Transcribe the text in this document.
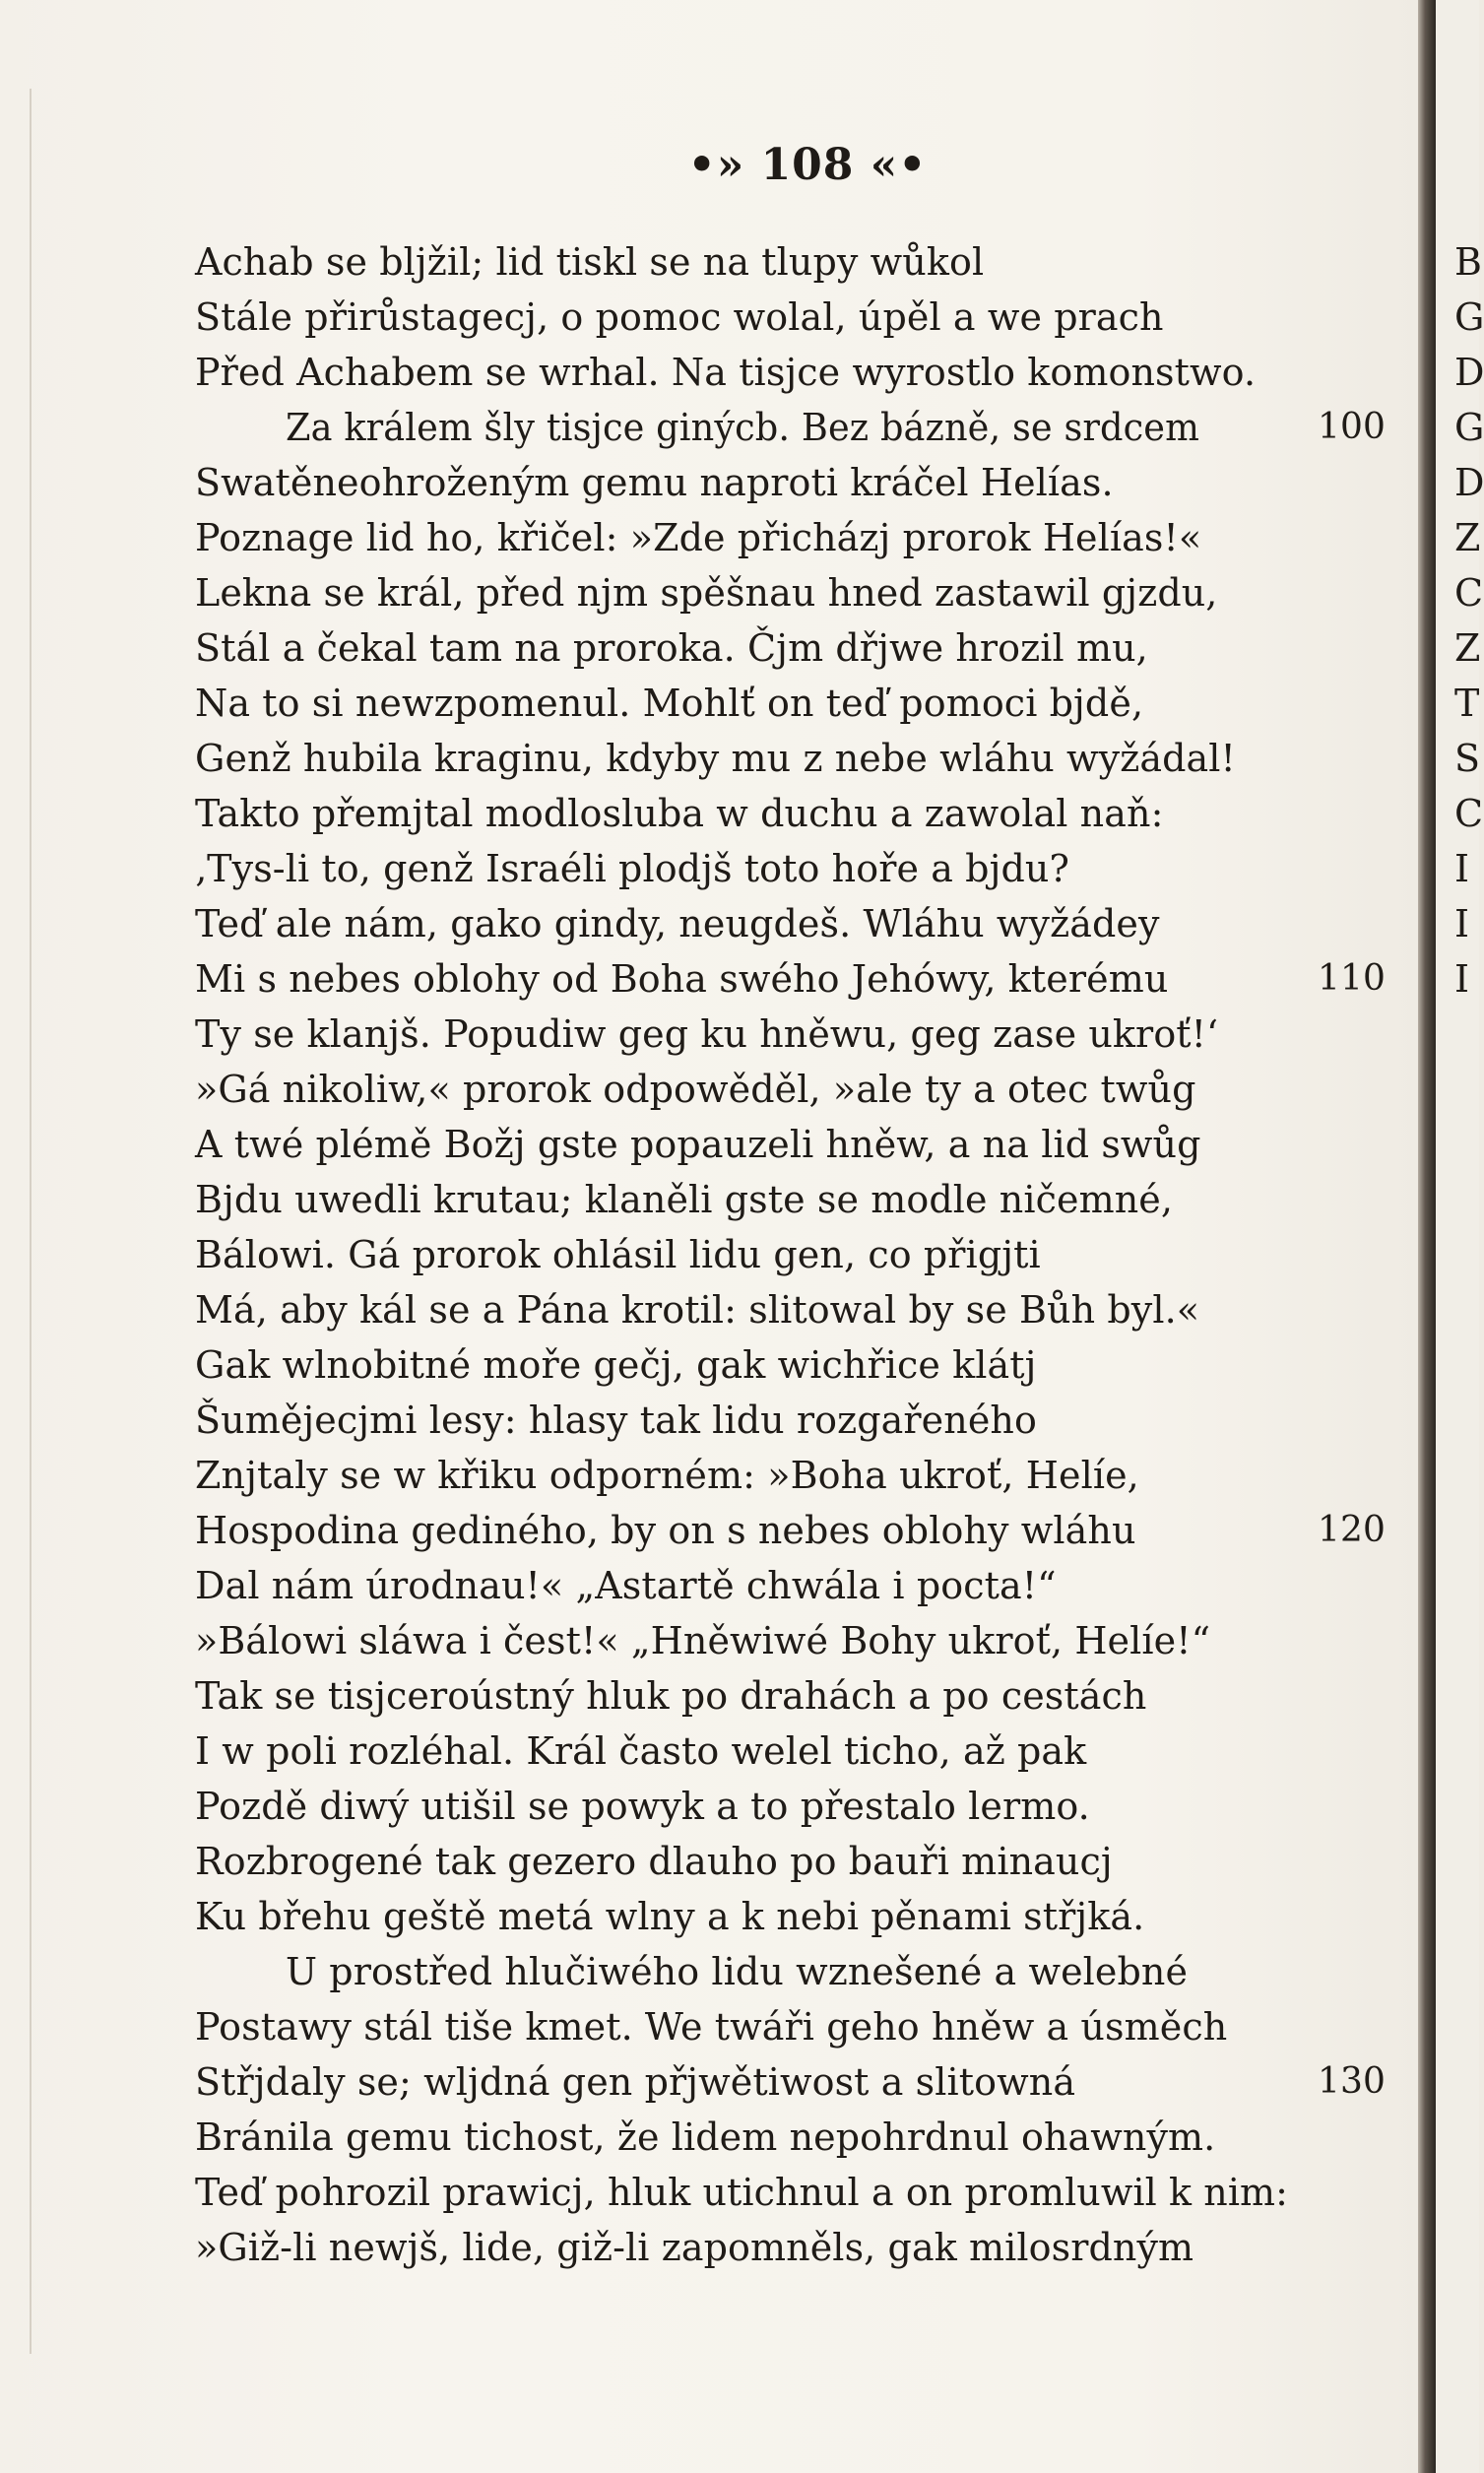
•» 108 «•
Achab se bljžil; lid tiskl se na tlupy wůkol
Stále přirůstagecj, o pomoc wolal, úpěl a we prach
Před Achabem se wrhal. Na tisjce wyrostlo komonstwo.
Za králem šly tisjce ginýcb. Bez bázně, se srdcem	100
Swatěneohroženým gemu naproti kráčel Helías.
Poznage lid ho, křičel: »Zde přicházj prorok Helías!«
Lekna se král, před njm spěšnau hned zastawil gjzdu,
Stál a čekal tam na proroka. Čjm dřjwe hrozil mu,
Na to si newzpomenul. Mohlť on teď pomoci bjdě,
Genž hubila kraginu, kdyby mu z nebe wláhu wyžádal!
Takto přemjtal modlosluba w duchu a zawolal naň:
‚Tys-li to, genž Israéli plodjš toto hoře a bjdu?
Teď ale nám, gako gindy, neugdeš. Wláhu wyžádey
Mi s nebes oblohy od Boha swého Jehówy, kterému	110
Ty se klanjš. Popudiw geg ku hněwu, geg zase ukroť!‘
»Gá nikoliw,« prorok odpowěděl, »ale ty a otec twůg
A twé plémě Božj gste popauzeli hněw, a na lid swůg
Bjdu uwedli krutau; klaněli gste se modle ničemné,
Bálowi. Gá prorok ohlásil lidu gen, co přigjti
Má, aby kál se a Pána krotil: slitowal by se Bůh byl.«
Gak wlnobitné moře gečj, gak wichřice klátj
Šumějecjmi lesy: hlasy tak lidu rozgařeného
Znjtaly se w křiku odporném: »Boha ukroť, Helíe,
Hospodina gediného, by on s nebes oblohy wláhu	120
Dal nám úrodnau!« „Astartě chwála i pocta!“
»Bálowi sláwa i čest!« „Hněwiwé Bohy ukroť, Helíe!“
Tak se tisjceroústný hluk po drahách a po cestách
I w poli rozléhal. Král často welel ticho, až pak
Pozdě diwý utišil se powyk a to přestalo lermo.
Rozbrogené tak gezero dlauho po bauři minaucj
Ku břehu geště metá wlny a k nebi pěnami střjká.
U prostřed hlučiwého lidu wznešené a welebné
Postawy stál tiše kmet. We twáři geho hněw a úsměch
Střjdaly se; wljdná gen přjwětiwost a slitowná	130
Bránila gemu tichost, že lidem nepohrdnul ohawným.
Teď pohrozil prawicj, hluk utichnul a on promluwil k nim:
»Giž-li newjš, lide, giž-li zapomněls, gak milosrdným
B
G
D
G
D
Z
C
Z
T
S
C
I
I
I
